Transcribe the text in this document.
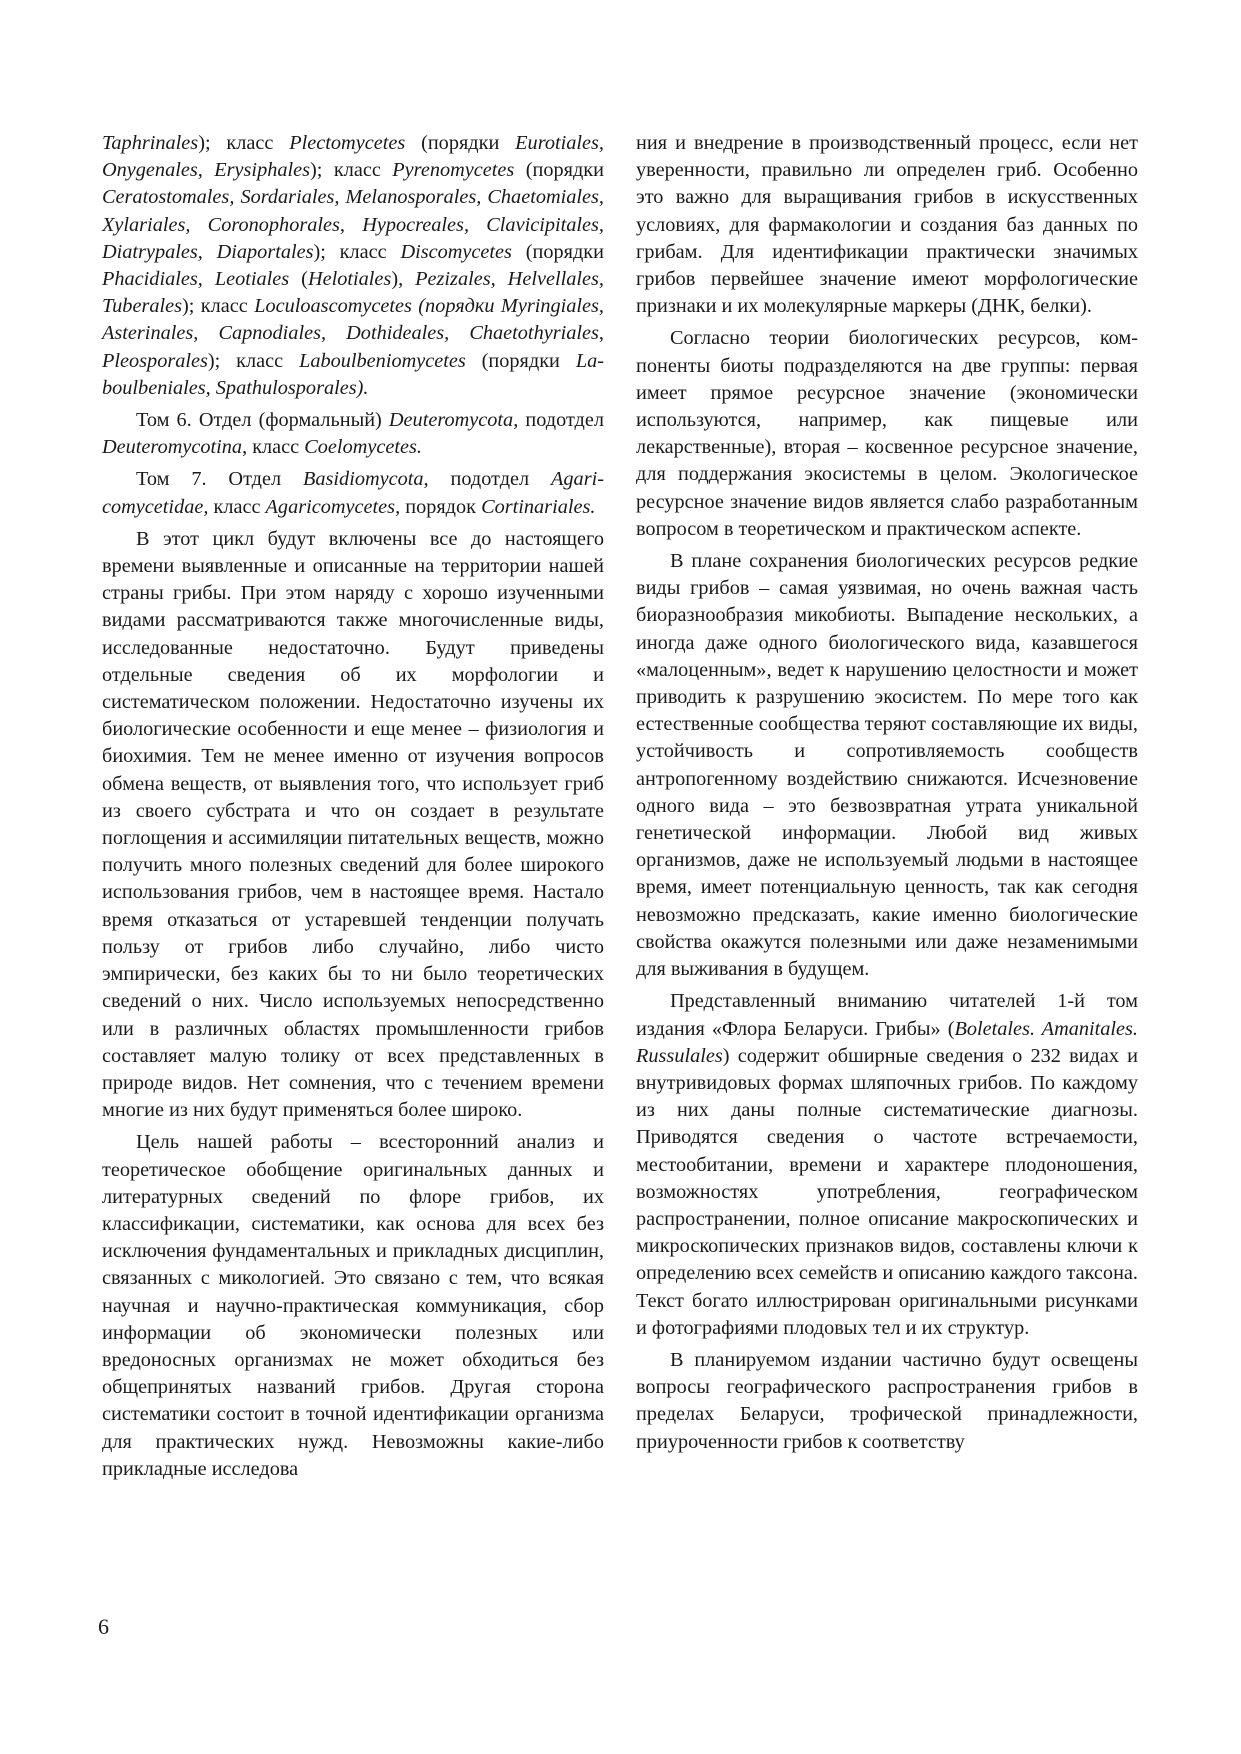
Taphrinales); класс Plectomycetes (порядки Eurotiales, Onygenales, Erysiphales); класс Pyrenomycetes (порядки Ceratostomales, Sordariales, Melanosporales, Chaetomiales, Xylariales, Coronophorales, Hypocreales, Clavicipitales, Diatrypales, Diaportales); класс Discomycetes (порядки Phacidiales, Leotiales (Helotiales), Pezizales, Helvellales, Tuberales); класс Loculoascomycetes (порядки Myringiales, Asterinales, Capnodiales, Dothideales, Chaetothyriales, Pleosporales); класс Laboulbeniomycetes (порядки Laboulbeniales, Spathulosporales).

Том 6. Отдел (формальный) Deuteromycota, подотдел Deuteromycotina, класс Coelomycetes.

Том 7. Отдел Basidiomycota, подотдел Agaricomycetidae, класс Agaricomycetes, порядок Cortinariales.

В этот цикл будут включены все до настоящего времени выявленные и описанные на территории нашей страны грибы. При этом наряду с хорошо изученными видами рассматриваются также многочисленные виды, исследованные недостаточно. Будут приведены отдельные сведения об их морфологии и систематическом положении. Недостаточно изучены их биологические особенности и еще менее – физиология и биохимия. Тем не менее именно от изучения вопросов обмена веществ, от выявления того, что использует гриб из своего субстрата и что он создает в результате поглощения и ассимиляции питательных веществ, можно получить много полезных сведений для более широкого использования грибов, чем в настоящее время. Настало время отказаться от устаревшей тенденции получать пользу от грибов либо случайно, либо чисто эмпирически, без каких бы то ни было теоретических сведений о них. Число используемых непосредственно или в различных областях промышленности грибов составляет малую толику от всех представленных в природе видов. Нет сомнения, что с течением времени многие из них будут применяться более широко.

Цель нашей работы – всесторонний анализ и теоретическое обобщение оригинальных данных и литературных сведений по флоре грибов, их классификации, систематики, как основа для всех без исключения фундаментальных и прикладных дисциплин, связанных с микологией. Это связано с тем, что всякая научная и научно-практическая коммуникация, сбор информации об экономически полезных или вредоносных организмах не может обходиться без общепринятых названий грибов. Другая сторона систематики состоит в точной идентификации организма для практических нужд. Невозможны какие-либо прикладные исследова

ния и внедрение в производственный процесс, если нет уверенности, правильно ли определен гриб. Особенно это важно для выращивания грибов в искусственных условиях, для фармакологии и создания баз данных по грибам. Для идентификации практически значимых грибов первейшее значение имеют морфологические признаки и их молекулярные маркеры (ДНК, белки).

Согласно теории биологических ресурсов, компоненты биоты подразделяются на две группы: первая имеет прямое ресурсное значение (экономически используются, например, как пищевые или лекарственные), вторая – косвенное ресурсное значение, для поддержания экосистемы в целом. Экологическое ресурсное значение видов является слабо разработанным вопросом в теоретическом и практическом аспекте.

В плане сохранения биологических ресурсов редкие виды грибов – самая уязвимая, но очень важная часть биоразнообразия микобиоты. Выпадение нескольких, а иногда даже одного биологического вида, казавшегося «малоценным», ведет к нарушению целостности и может приводить к разрушению экосистем. По мере того как естественные сообщества теряют составляющие их виды, устойчивость и сопротивляемость сообществ антропогенному воздействию снижаются. Исчезновение одного вида – это безвозвратная утрата уникальной генетической информации. Любой вид живых организмов, даже не используемый людьми в настоящее время, имеет потенциальную ценность, так как сегодня невозможно предсказать, какие именно биологические свойства окажутся полезными или даже незаменимыми для выживания в будущем.

Представленный вниманию читателей 1-й том издания «Флора Беларуси. Грибы» (Boletales. Amanitales. Russulales) содержит обширные сведения о 232 видах и внутривидовых формах шляпочных грибов. По каждому из них даны полные систематические диагнозы. Приводятся сведения о частоте встречаемости, местообитании, времени и характере плодоношения, возможностях употребления, географическом распространении, полное описание макроскопических и микроскопических признаков видов, составлены ключи к определению всех семейств и описанию каждого таксона. Текст богато иллюстрирован оригинальными рисунками и фотографиями плодовых тел и их структур.

В планируемом издании частично будут освещены вопросы географического распространения грибов в пределах Беларуси, трофической принадлежности, приуроченности грибов к соответству

6
